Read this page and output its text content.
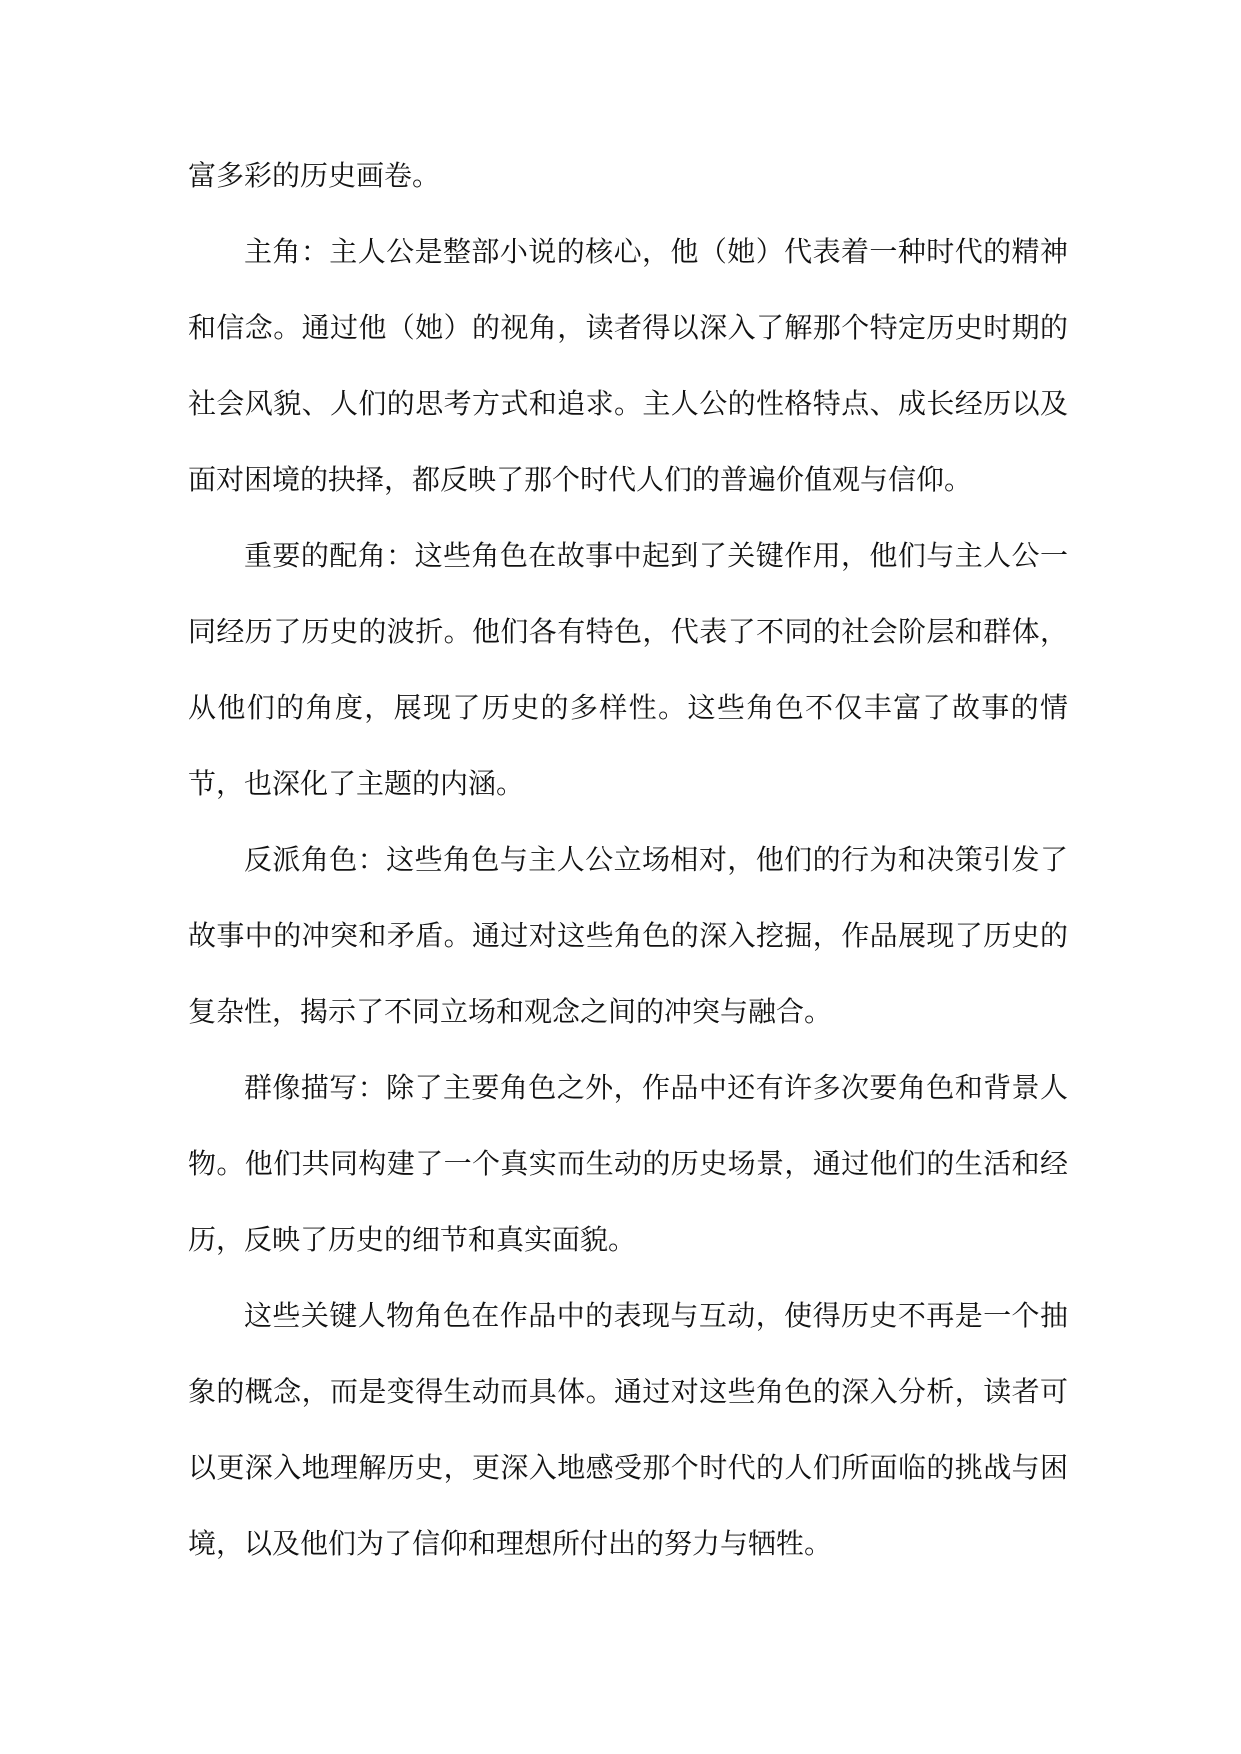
富多彩的历史画卷。

主角：主人公是整部小说的核心，他（她）代表着一种时代的精神和信念。通过他（她）的视角，读者得以深入了解那个特定历史时期的社会风貌、人们的思考方式和追求。主人公的性格特点、成长经历以及面对困境的抉择，都反映了那个时代人们的普遍价值观与信仰。

重要的配角：这些角色在故事中起到了关键作用，他们与主人公一同经历了历史的波折。他们各有特色，代表了不同的社会阶层和群体，从他们的角度，展现了历史的多样性。这些角色不仅丰富了故事的情节，也深化了主题的内涵。

反派角色：这些角色与主人公立场相对，他们的行为和决策引发了故事中的冲突和矛盾。通过对这些角色的深入挖掘，作品展现了历史的复杂性，揭示了不同立场和观念之间的冲突与融合。

群像描写：除了主要角色之外，作品中还有许多次要角色和背景人物。他们共同构建了一个真实而生动的历史场景，通过他们的生活和经历，反映了历史的细节和真实面貌。

这些关键人物角色在作品中的表现与互动，使得历史不再是一个抽象的概念，而是变得生动而具体。通过对这些角色的深入分析，读者可以更深入地理解历史，更深入地感受那个时代的人们所面临的挑战与困境，以及他们为了信仰和理想所付出的努力与牺牲。
